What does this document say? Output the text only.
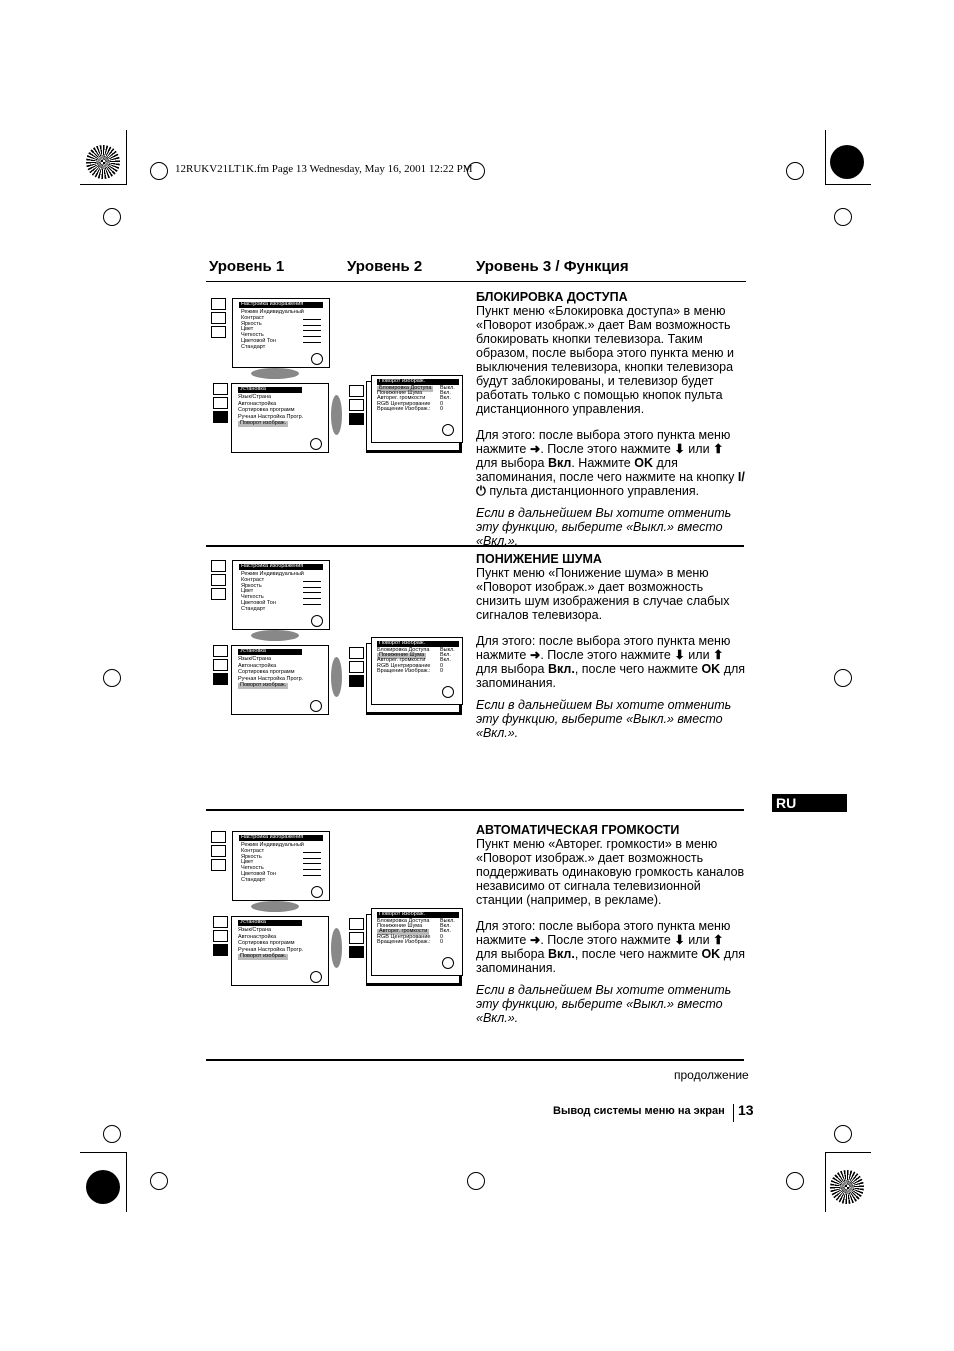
12RUKV21LT1K.fm Page 13 Wednesday, May 16, 2001 12:22 PM
Уровень 1	Уровень 2	Уровень 3 / Функция
RU

БЛОКИРОВКА ДОСТУПА

Пункт меню «Блокировка доступа» в меню «Поворот изображ.» дает Вам возможность блокировать кнопки телевизора. Таким образом, после выбора этого пункта меню и выключения телевизора, кнопки телевизора будут заблокированы, и телевизор будет работать только с помощью кнопок пульта дистанционного управления.

Для этого: после выбора этого пункта меню нажмите ➜. После этого нажмите ⬇ или ⬆ для выбора Вкл. Нажмите OK для запоминания, после чего нажмите на кнопку I/⏻ пульта дистанционного управления.

Если в дальнейшем Вы хотите отменить эту функцию, выберите «Выкл.» вместо «Вкл.».

Настройка изображения
Режим Индивидуальный
Контраст
Яркость
Цвет
Четкость
Цветовой Тон
Стандарт
Установка
Язык/Страна
Автонастройка
Сортировка программ
Ручная Настройка Прогр.
Поворот изображ.
Поворот изображ.
Блокировка Доступа	Выкл.
Понижение Шума	Вкл.
Авторег. громкости	Вкл.
RGB Центрирование 0
Вращение Изображ.: 0

ПОНИЖЕНИЕ ШУМА

Пункт меню «Понижение шума» в меню «Поворот изображ.» дает возможность снизить шум изображения в случае слабых сигналов телевизора.

Для этого: после выбора этого пункта меню нажмите ➜. После этого нажмите ⬇ или ⬆ для выбора Вкл., после чего нажмите OK для запоминания.

Если в дальнейшем Вы хотите отменить эту функцию, выберите «Выкл.» вместо «Вкл.».

Настройка изображения
Режим Индивидуальный
Контраст
Яркость
Цвет
Четкость
Цветовой Тон
Стандарт
Установка
Язык/Страна
Автонастройка
Сортировка программ
Ручная Настройка Прогр.
Поворот изображ.
Поворот изображ.
Блокировка Доступа Выкл.
Понижение Шума	Вкл.
Авторег. громкости	Вкл.
RGB Центрирование 0
Вращение Изображ.: 0

АВТОМАТИЧЕСКАЯ ГРОМКОСТИ

Пункт меню «Авторег. громкости» в меню «Поворот изображ.» дает возможность поддерживать одинаковую громкость каналов независимо от сигнала телевизионной станции (например, в рекламе).

Для этого: после выбора этого пункта меню нажмите ➜. После этого нажмите ⬇ или ⬆ для выбора Вкл., после чего нажмите OK для запоминания.

Если в дальнейшем Вы хотите отменить эту функцию, выберите «Выкл.» вместо «Вкл.».

Настройка изображения
Режим Индивидуальный
Контраст
Яркость
Цвет
Четкость
Цветовой Тон
Стандарт
Установка
Язык/Страна
Автонастройка
Сортировка программ
Ручная Настройка Прогр.
Поворот изображ.
Поворот изображ.
Блокировка Доступа Выкл.
Понижение Шума	Вкл.
Авторег. громкости	Вкл.
RGB Центрирование 0
Вращение Изображ.: 0
продолжение
Вывод системы меню на экран 13
